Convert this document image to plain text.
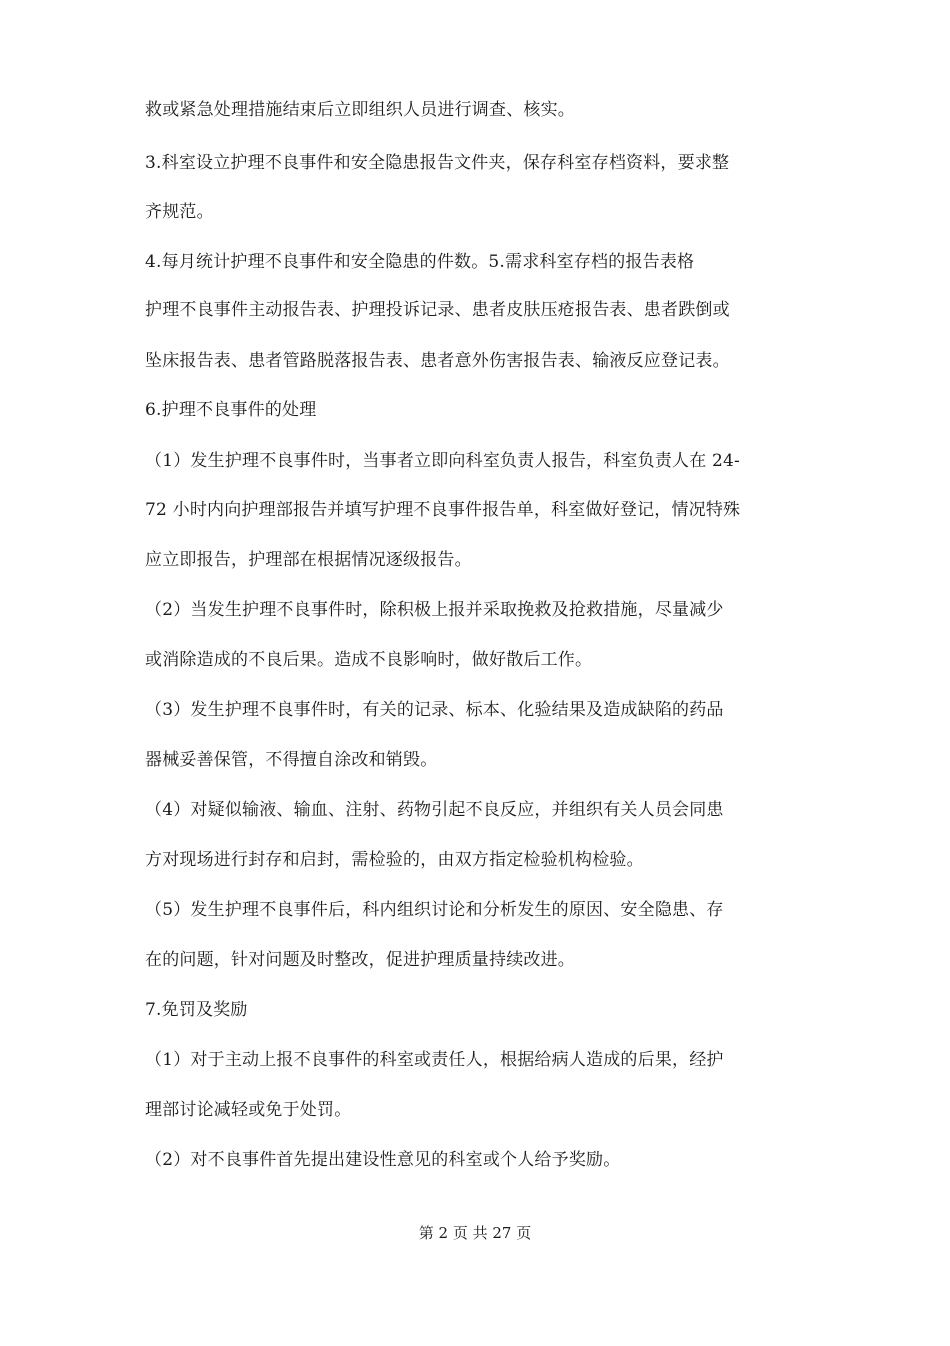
救或紧急处理措施结束后立即组织人员进行调查、核实。
3.科室设立护理不良事件和安全隐患报告文件夹，保存科室存档资料，要求整
齐规范。
4.每月统计护理不良事件和安全隐患的件数。5.需求科室存档的报告表格
护理不良事件主动报告表、护理投诉记录、患者皮肤压疮报告表、患者跌倒或
坠床报告表、患者管路脱落报告表、患者意外伤害报告表、输液反应登记表。
6.护理不良事件的处理
（1）发生护理不良事件时，当事者立即向科室负责人报告，科室负责人在 24-
72 小时内向护理部报告并填写护理不良事件报告单，科室做好登记，情况特殊
应立即报告，护理部在根据情况逐级报告。
（2）当发生护理不良事件时，除积极上报并采取挽救及抢救措施，尽量减少
或消除造成的不良后果。造成不良影响时，做好散后工作。
（3）发生护理不良事件时，有关的记录、标本、化验结果及造成缺陷的药品
器械妥善保管，不得擅自涂改和销毁。
（4）对疑似输液、输血、注射、药物引起不良反应，并组织有关人员会同患
方对现场进行封存和启封，需检验的，由双方指定检验机构检验。
（5）发生护理不良事件后，科内组织讨论和分析发生的原因、安全隐患、存
在的问题，针对问题及时整改，促进护理质量持续改进。
7.免罚及奖励
（1）对于主动上报不良事件的科室或责任人，根据给病人造成的后果，经护
理部讨论减轻或免于处罚。
（2）对不良事件首先提出建设性意见的科室或个人给予奖励。
第 2 页 共 27 页
